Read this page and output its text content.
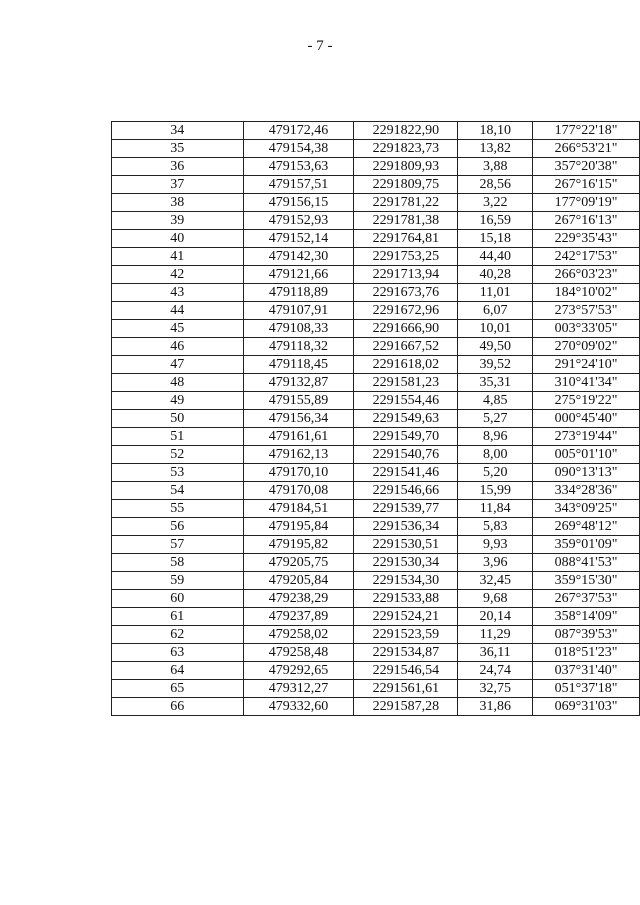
- 7 -
34	479172,46	2291822,90	18,10	177°22'18"
35	479154,38	2291823,73	13,82	266°53'21"
36	479153,63	2291809,93	3,88	357°20'38"
37	479157,51	2291809,75	28,56	267°16'15"
38	479156,15	2291781,22	3,22	177°09'19"
39	479152,93	2291781,38	16,59	267°16'13"
40	479152,14	2291764,81	15,18	229°35'43"
41	479142,30	2291753,25	44,40	242°17'53"
42	479121,66	2291713,94	40,28	266°03'23"
43	479118,89	2291673,76	11,01	184°10'02"
44	479107,91	2291672,96	6,07	273°57'53"
45	479108,33	2291666,90	10,01	003°33'05"
46	479118,32	2291667,52	49,50	270°09'02"
47	479118,45	2291618,02	39,52	291°24'10"
48	479132,87	2291581,23	35,31	310°41'34"
49	479155,89	2291554,46	4,85	275°19'22"
50	479156,34	2291549,63	5,27	000°45'40"
51	479161,61	2291549,70	8,96	273°19'44"
52	479162,13	2291540,76	8,00	005°01'10"
53	479170,10	2291541,46	5,20	090°13'13"
54	479170,08	2291546,66	15,99	334°28'36"
55	479184,51	2291539,77	11,84	343°09'25"
56	479195,84	2291536,34	5,83	269°48'12"
57	479195,82	2291530,51	9,93	359°01'09"
58	479205,75	2291530,34	3,96	088°41'53"
59	479205,84	2291534,30	32,45	359°15'30"
60	479238,29	2291533,88	9,68	267°37'53"
61	479237,89	2291524,21	20,14	358°14'09"
62	479258,02	2291523,59	11,29	087°39'53"
63	479258,48	2291534,87	36,11	018°51'23"
64	479292,65	2291546,54	24,74	037°31'40"
65	479312,27	2291561,61	32,75	051°37'18"
66	479332,60	2291587,28	31,86	069°31'03"
